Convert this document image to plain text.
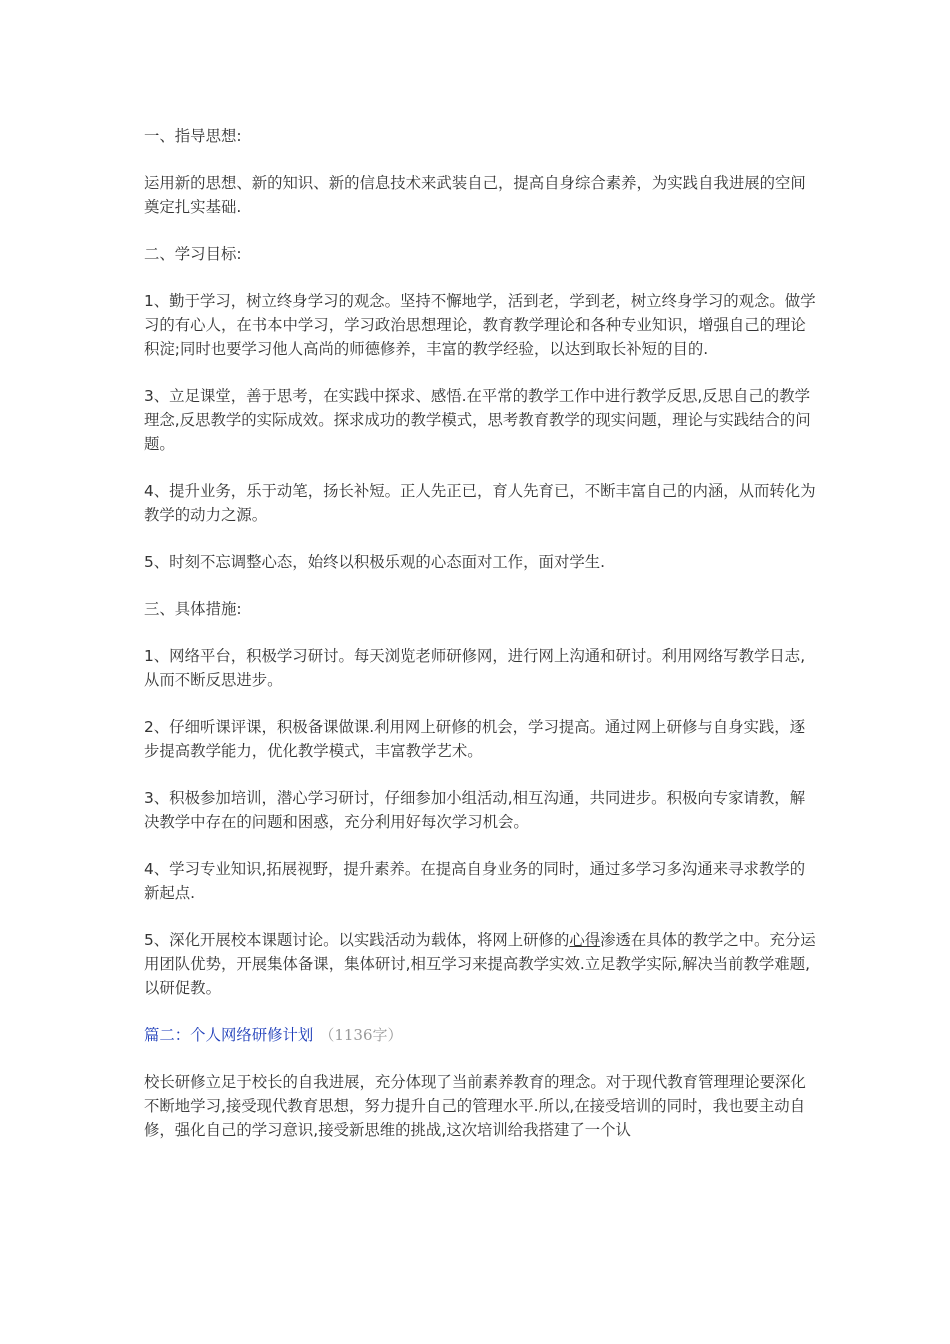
一、指导思想:

运用新的思想、新的知识、新的信息技术来武装自己，提高自身综合素养，为实践自我进展的空间奠定扎实基础.

二、学习目标:

1、勤于学习，树立终身学习的观念。坚持不懈地学，活到老，学到老，树立终身学习的观念。做学习的有心人，在书本中学习，学习政治思想理论，教育教学理论和各种专业知识，增强自己的理论积淀;同时也要学习他人高尚的师德修养，丰富的教学经验，以达到取长补短的目的.

3、立足课堂，善于思考，在实践中探求、感悟.在平常的教学工作中进行教学反思,反思自己的教学理念,反思教学的实际成效。探求成功的教学模式，思考教育教学的现实问题，理论与实践结合的问题。

4、提升业务，乐于动笔，扬长补短。正人先正已，育人先育已，不断丰富自己的内涵，从而转化为教学的动力之源。

5、时刻不忘调整心态，始终以积极乐观的心态面对工作，面对学生.

三、具体措施:

1、网络平台，积极学习研讨。每天浏览老师研修网，进行网上沟通和研讨。利用网络写教学日志,从而不断反思进步。

2、仔细听课评课，积极备课做课.利用网上研修的机会，学习提高。通过网上研修与自身实践，逐步提高教学能力，优化教学模式，丰富教学艺术。

3、积极参加培训，潜心学习研讨，仔细参加小组活动,相互沟通，共同进步。积极向专家请教，解决教学中存在的问题和困惑，充分利用好每次学习机会。

4、学习专业知识,拓展视野，提升素养。在提高自身业务的同时，通过多学习多沟通来寻求教学的新起点.

5、深化开展校本课题讨论。以实践活动为载体，将网上研修的心得渗透在具体的教学之中。充分运用团队优势，开展集体备课，集体研讨,相互学习来提高教学实效.立足教学实际,解决当前教学难题,以研促教。

篇二：个人网络研修计划 （1136字）

校长研修立足于校长的自我进展，充分体现了当前素养教育的理念。对于现代教育管理理论要深化不断地学习,接受现代教育思想，努力提升自己的管理水平.所以,在接受培训的同时，我也要主动自修，强化自己的学习意识,接受新思维的挑战,这次培训给我搭建了一个认
